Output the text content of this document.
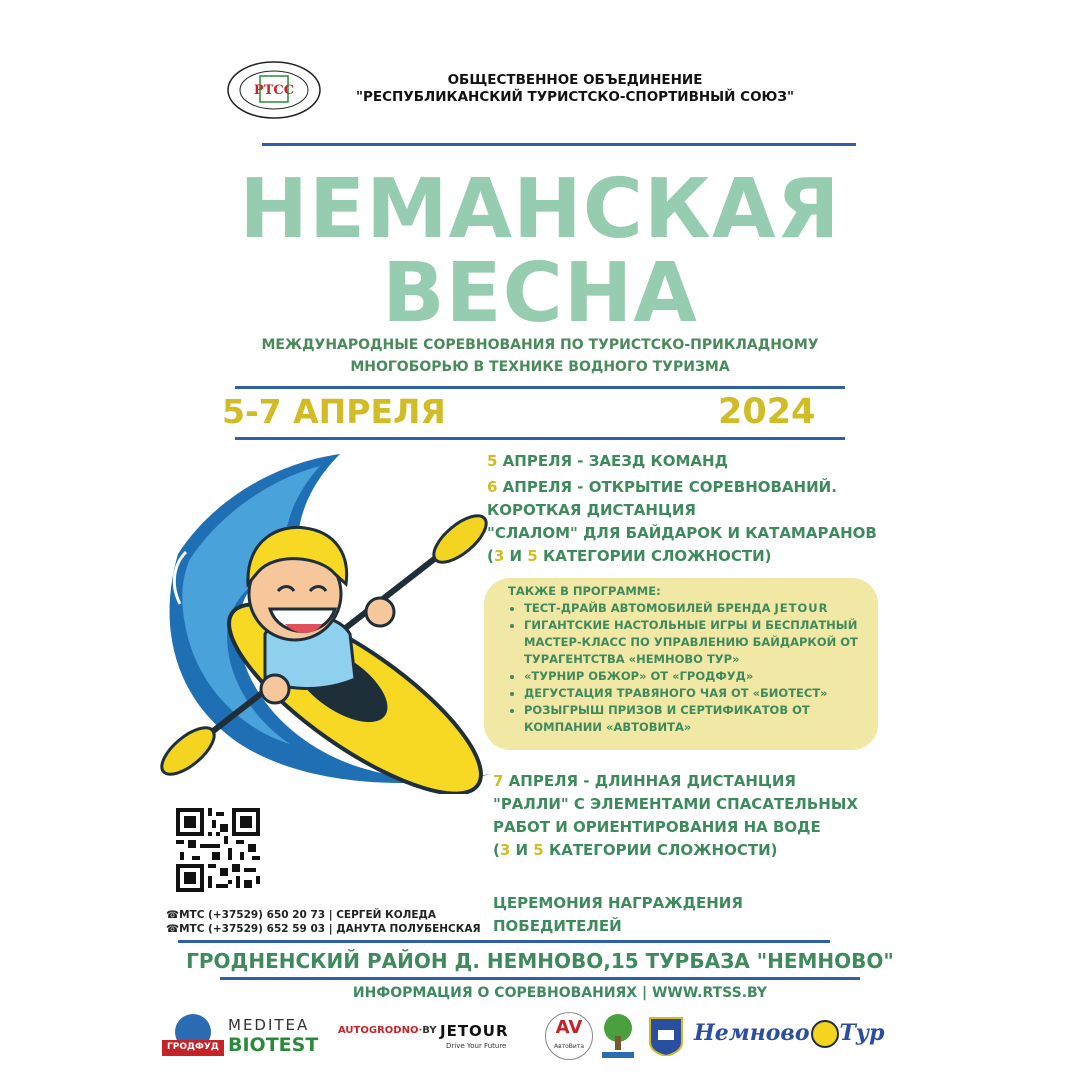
РТСС
ОБЩЕСТВЕННОЕ ОБЪЕДИНЕНИЕ
"РЕСПУБЛИКАНСКИЙ ТУРИСТСКО-СПОРТИВНЫЙ СОЮЗ"
НЕМАНСКАЯ
ВЕСНА
МЕЖДУНАРОДНЫЕ СОРЕВНОВАНИЯ ПО ТУРИСТСКО-ПРИКЛАДНОМУ
МНОГОБОРЬЮ В ТЕХНИКЕ ВОДНОГО ТУРИЗМА
5-7 АПРЕЛЯ	2024
5 АПРЕЛЯ - ЗАЕЗД КОМАНД
6 АПРЕЛЯ - ОТКРЫТИЕ СОРЕВНОВАНИЙ.
КОРОТКАЯ ДИСТАНЦИЯ
"СЛАЛОМ" ДЛЯ БАЙДАРОК И КАТАМАРАНОВ
(3 И 5 КАТЕГОРИИ СЛОЖНОСТИ)
ТАКЖЕ В ПРОГРАММЕ:
• ТЕСТ-ДРАЙВ АВТОМОБИЛЕЙ БРЕНДА JETOUR
• ГИГАНТСКИЕ НАСТОЛЬНЫЕ ИГРЫ И БЕСПЛАТНЫЙ МАСТЕР-КЛАСС ПО УПРАВЛЕНИЮ БАЙДАРКОЙ ОТ ТУРАГЕНТСТВА «НЕМНОВО ТУР»
• «ТУРНИР ОБЖОР» ОТ «ГРОДФУД»
• ДЕГУСТАЦИЯ ТРАВЯНОГО ЧАЯ ОТ «БИОТЕСТ»
• РОЗЫГРЫШ ПРИЗОВ И СЕРТИФИКАТОВ ОТ КОМПАНИИ «АВТОВИТА»
7 АПРЕЛЯ - ДЛИННАЯ ДИСТАНЦИЯ
"РАЛЛИ" С ЭЛЕМЕНТАМИ СПАСАТЕЛЬНЫХ
РАБОТ И ОРИЕНТИРОВАНИЯ НА ВОДЕ
(3 И 5 КАТЕГОРИИ СЛОЖНОСТИ)
ЦЕРЕМОНИЯ НАГРАЖДЕНИЯ
ПОБЕДИТЕЛЕЙ
☎МТС (+37529) 650 20 73 | СЕРГЕЙ КОЛЕДА
☎МТС (+37529) 652 59 03 | ДАНУТА ПОЛУБЕНСКАЯ
ГРОДНЕНСКИЙ РАЙОН Д. НЕМНОВО,15 ТУРБАЗА "НЕМНОВО"
ИНФОРМАЦИЯ О СОРЕВНОВАНИЯХ | WWW.RTSS.BY
ГРОДФУД
MEDITEA
BIOTEST
AUTOGRODNO·BY JETOUR
Drive Your Future
AV
АвтоВита
Немново Тур
